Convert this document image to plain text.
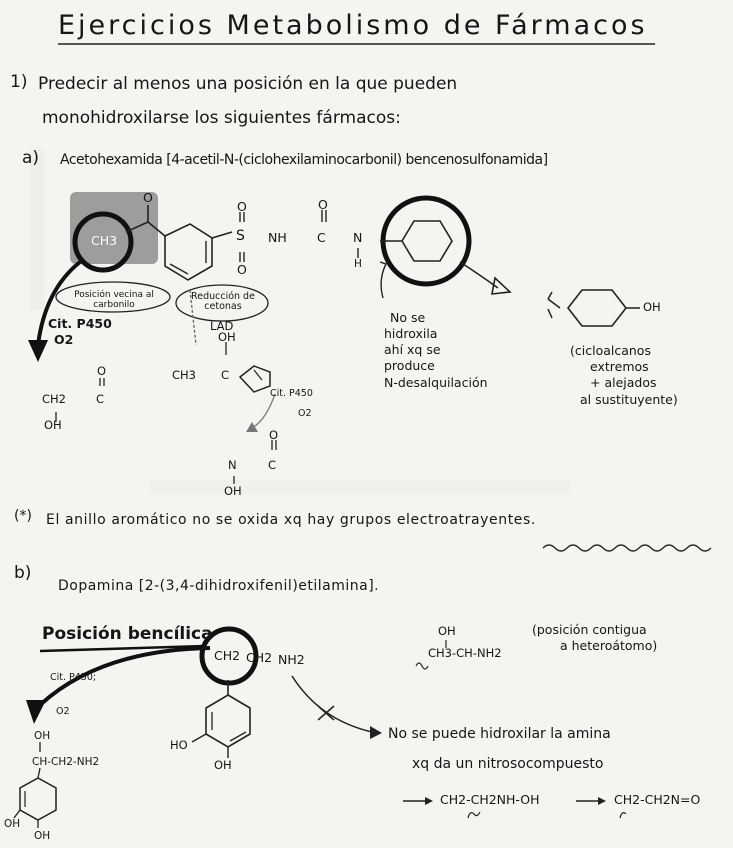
Ejercicios Metabolismo de Fármacos
1) Predecir al menos una posición en la que pueden
monohidroxilarse los siguientes fármacos:
a) Acetohexamida [4-acetil-N-(ciclohexilaminocarbonil) bencenosulfonamida]
CH3
O
S
O
O
NH C
O
N
H
Posición vecina al carbonilo
Reducción de cetonas
Cit. P450
O2
LAD
CH2	C
O
OH
OH
CH3 C
Cit. P450
O2
N	C
O
OH
No se
hidroxila
ahí xq se
produce
N-desalquilación
OH
(cicloalcanos
extremos
+ alejados
al sustituyente)
(*) El anillo aromático no se oxida xq hay grupos electroatrayentes.
b)
Dopamina [2-(3,4-dihidroxifenil)etilamina].
Posición bencílica
CH2 CH2 NH2
HO
OH
Cit. P450;
O2
OH
CH-CH2-NH2
OH
OH
OH
CH3-CH-NH2
(posición contigua
a heteroátomo)
No se puede hidroxilar la amina
xq da un nitrosocompuesto
CH2-CH2NH-OH	CH2-CH2N=O
